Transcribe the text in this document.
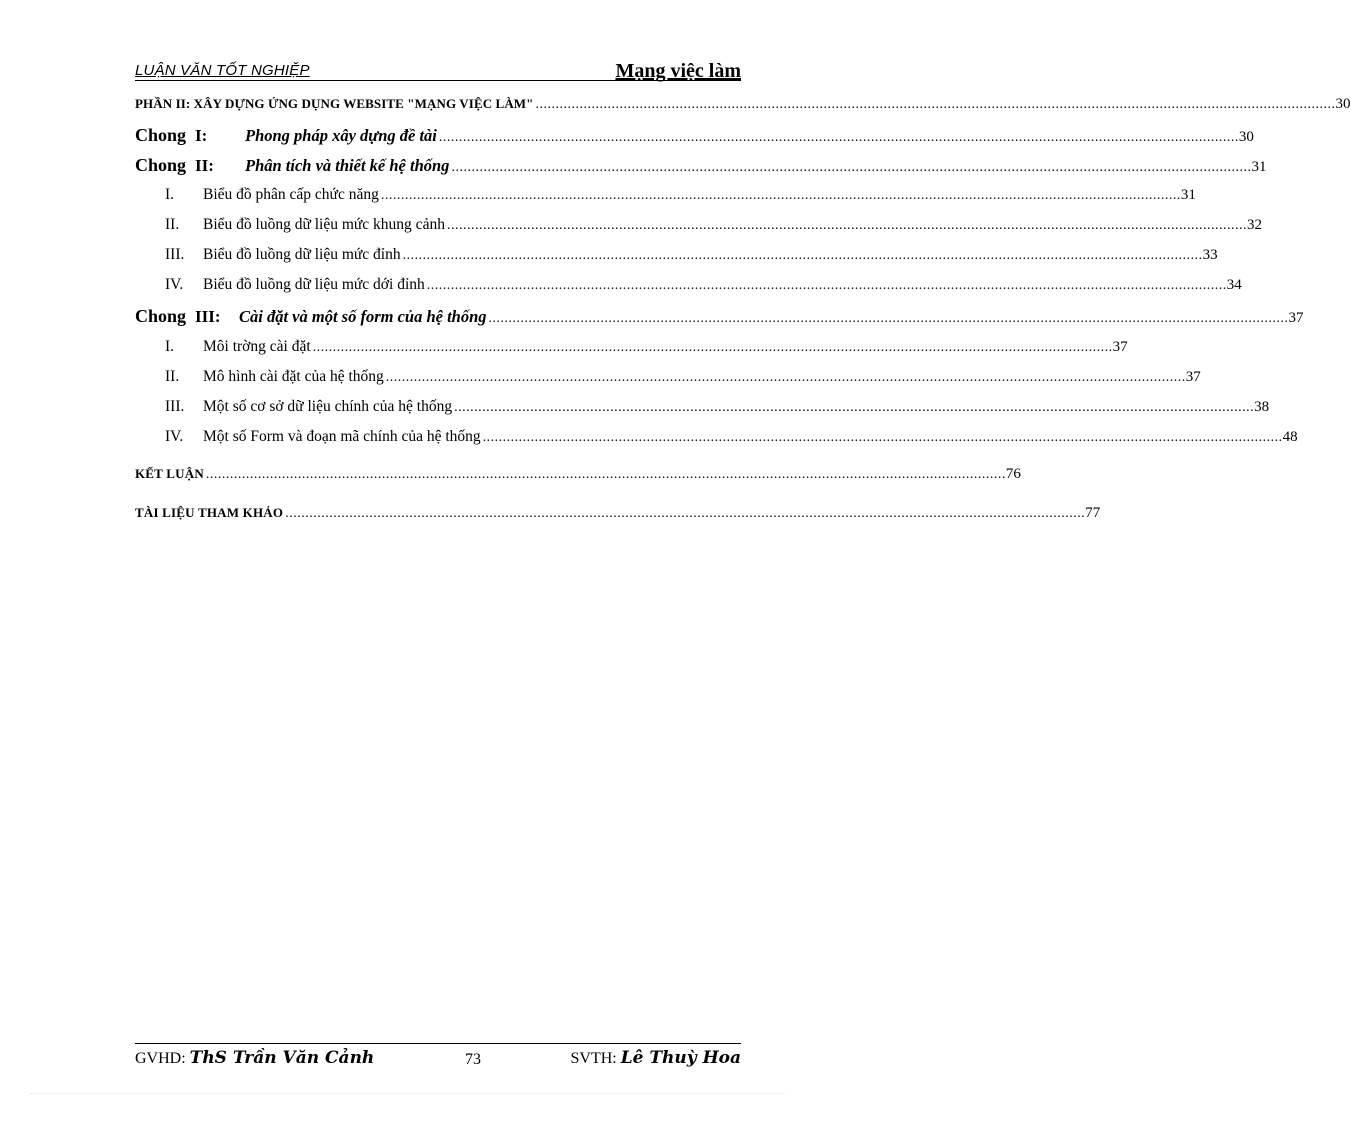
LUẬN VĂN TỐT NGHIỆP	Mạng việc làm
PHẦN II: XÂY DỰNG ỨNG DỤNG WEBSITE "MẠNG VIỆC LÀM" ........................................................................................................................................................................................................ 30
Chong I: Phong pháp xây dựng đề tài ........................................................................................................................................................................................................ 30
Chong II: Phân tích và thiết kế hệ thống ........................................................................................................................................................................................................ 31
I. Biểu đồ phân cấp chức năng ........................................................................................................................................................................................................ 31
II. Biểu đồ luồng dữ liệu mức khung cảnh ........................................................................................................................................................................................................ 32
III. Biểu đồ luồng dữ liệu mức đỉnh ........................................................................................................................................................................................................ 33
IV. Biểu đồ luồng dữ liệu mức dới đỉnh ........................................................................................................................................................................................................ 34
Chong III: Cài đặt và một số form của hệ thống ........................................................................................................................................................................................................ 37
I. Môi trờng cài đặt ........................................................................................................................................................................................................ 37
II. Mô hình cài đặt của hệ thống ........................................................................................................................................................................................................ 37
III. Một số cơ sở dữ liệu chính của hệ thống ........................................................................................................................................................................................................ 38
IV. Một số Form và đoạn mã chính của hệ thống ........................................................................................................................................................................................................ 48
KẾT LUẬN ........................................................................................................................................................................................................ 76
TÀI LIỆU THAM KHẢO ........................................................................................................................................................................................................ 77
GVHD: ThS Trần Văn Cảnh	73	SVTH: Lê Thuỳ Hoa
